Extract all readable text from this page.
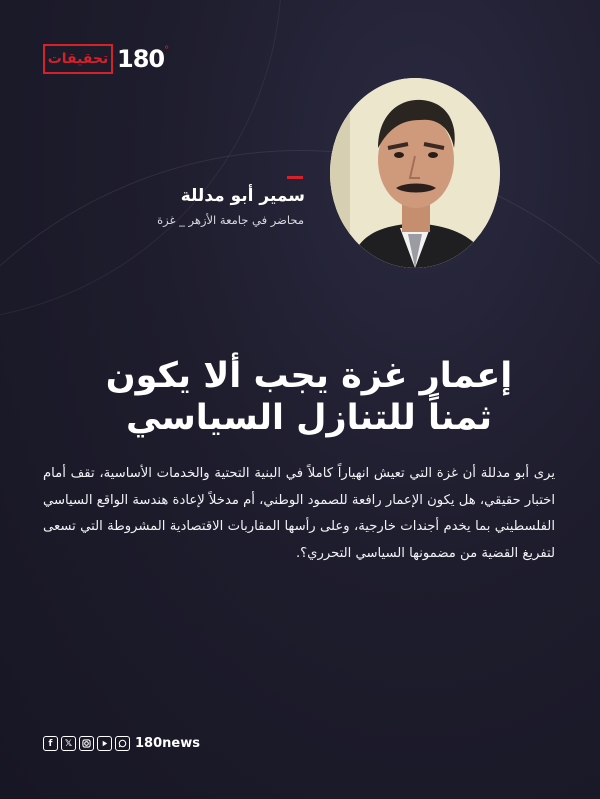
تحقيقات 180 °
سمير أبو مدللة
محاضر في جامعة الأزهر _ غزة
إعمار غزة يجب ألا يكون
ثمناً للتنازل السياسي
يرى أبو مدللة أن غزة التي تعيش انهياراً كاملاً في البنية التحتية والخدمات الأساسية، تقف أمام اختبار حقيقي، هل يكون الإعمار رافعة للصمود الوطني، أم مدخلاً لإعادة هندسة الواقع السياسي الفلسطيني بما يخدم أجندات خارجية، وعلى رأسها المقاربات الاقتصادية المشروطة التي تسعى لتفريغ القضية من مضمونها السياسي التحرري؟.
f	𝕏	180news
